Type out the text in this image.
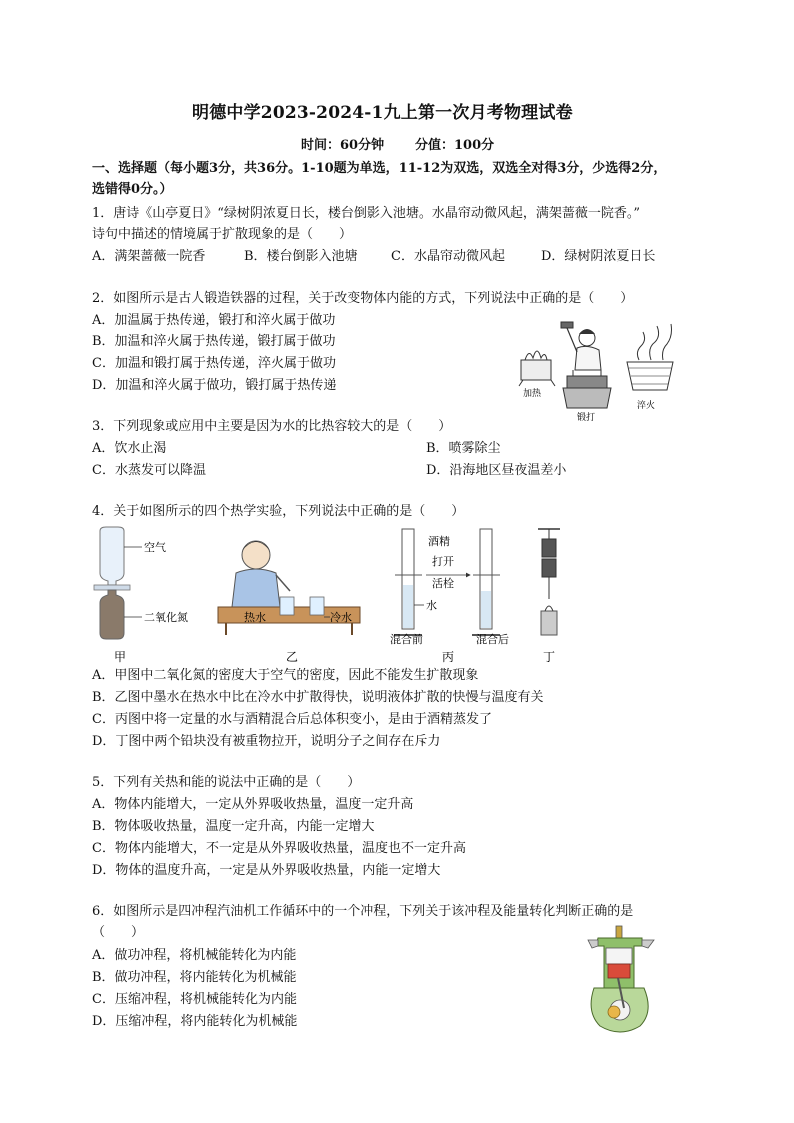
明德中学2023-2024-1九上第一次月考物理试卷
时间：60分钟 分值：100分
一、选择题（每小题3分，共36分。1-10题为单选，11-12为双选，双选全对得3分，少选得2分，
选错得0分。）
1．唐诗《山亭夏日》“绿树阴浓夏日长，楼台倒影入池塘。水晶帘动微风起，满架蔷薇一院香。”
诗句中描述的情境属于扩散现象的是（　　）
A．满架蔷薇一院香	B．楼台倒影入池塘	C．水晶帘动微风起	D．绿树阴浓夏日长
2．如图所示是古人锻造铁器的过程，关于改变物体内能的方式，下列说法中正确的是（　　）
A．加温属于热传递，锻打和淬火属于做功
B．加温和淬火属于热传递，锻打属于做功
C．加温和锻打属于热传递，淬火属于做功
D．加温和淬火属于做功，锻打属于热传递
加热
锻打
淬火
3．下列现象或应用中主要是因为水的比热容较大的是（　　）
A．饮水止渴	B．喷雾除尘
C．水蒸发可以降温	D．沿海地区昼夜温差小
4．关于如图所示的四个热学实验，下列说法中正确的是（　　）
空气
二氧化氮
甲
热水	冷水
乙
酒精
打开
活栓
水
混合前	混合后
丙	丁
A．甲图中二氧化氮的密度大于空气的密度，因此不能发生扩散现象
B．乙图中墨水在热水中比在冷水中扩散得快，说明液体扩散的快慢与温度有关
C．丙图中将一定量的水与酒精混合后总体积变小，是由于酒精蒸发了
D．丁图中两个铅块没有被重物拉开，说明分子之间存在斥力
5．下列有关热和能的说法中正确的是（　　）
A．物体内能增大，一定从外界吸收热量，温度一定升高
B．物体吸收热量，温度一定升高，内能一定增大
C．物体内能增大，不一定是从外界吸收热量，温度也不一定升高
D．物体的温度升高，一定是从外界吸收热量，内能一定增大
6．如图所示是四冲程汽油机工作循环中的一个冲程，下列关于该冲程及能量转化判断正确的是
（　　）
A．做功冲程，将机械能转化为内能
B．做功冲程，将内能转化为机械能
C．压缩冲程，将机械能转化为内能
D．压缩冲程，将内能转化为机械能
